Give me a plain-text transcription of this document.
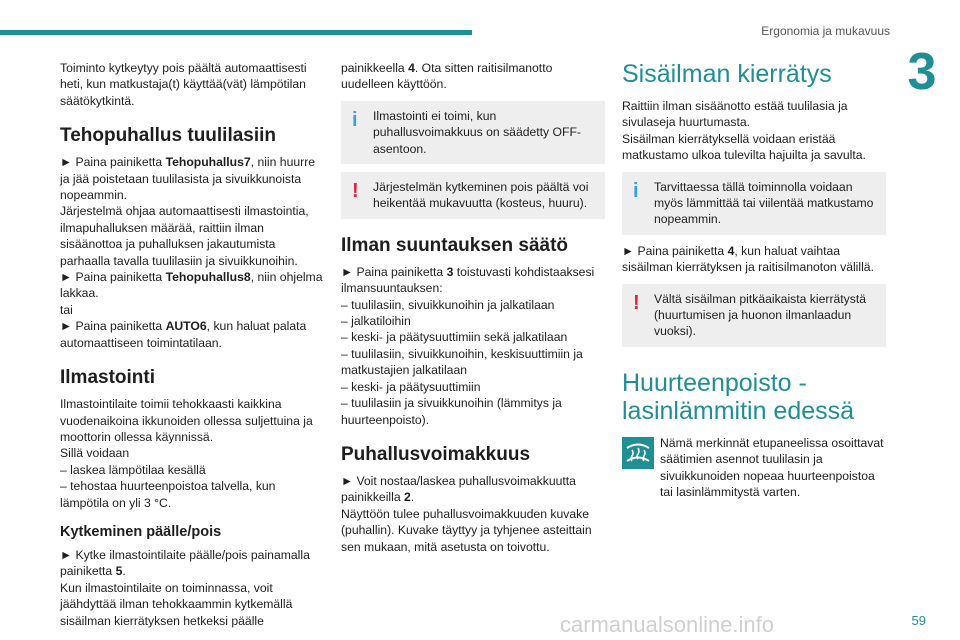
Ergonomia ja mukavuus
3

Toiminto kytkeytyy pois päältä automaattisesti heti, kun matkustaja(t) käyttää(vät) lämpötilan säätökytkintä.

Tehopuhallus tuulilasiin

► Paina painiketta Tehopuhallus7, niin huurre ja jää poistetaan tuulilasista ja sivuikkunoista nopeammin.

Järjestelmä ohjaa automaattisesti ilmastointia, ilmapuhalluksen määrää, raittiin ilman sisäänottoa ja puhalluksen jakautumista parhaalla tavalla tuulilasiin ja sivuikkunoihin.

► Paina painiketta Tehopuhallus8, niin ohjelma lakkaa.

tai

► Paina painiketta AUTO6, kun haluat palata automaattiseen toimintatilaan.

Ilmastointi

Ilmastointilaite toimii tehokkaasti kaikkina vuodenaikoina ikkunoiden ollessa suljettuina ja moottorin ollessa käynnissä.

Sillä voidaan

– laskea lämpötilaa kesällä

– tehostaa huurteenpoistoa talvella, kun lämpötila on yli 3 °C.

Kytkeminen päälle/pois

► Kytke ilmastointilaite päälle/pois painamalla painiketta 5.

Kun ilmastointilaite on toiminnassa, voit jäähdyttää ilman tehokkaammin kytkemällä sisäilman kierrätyksen hetkeksi päälle

painikkeella 4. Ota sitten raitisilmanotto uudelleen käyttöön.

i Ilmastointi ei toimi, kun puhallusvoimakkuus on säädetty OFF-asentoon.
! Järjestelmän kytkeminen pois päältä voi heikentää mukavuutta (kosteus, huuru).
Ilman suuntauksen säätö

► Paina painiketta 3 toistuvasti kohdistaaksesi ilmansuuntauksen:

– tuulilasiin, sivuikkunoihin ja jalkatilaan

– jalkatiloihin

– keski- ja päätysuuttimiin sekä jalkatilaan

– tuulilasiin, sivuikkunoihin, keskisuuttimiin ja matkustajien jalkatilaan

– keski- ja päätysuuttimiin

– tuulilasiin ja sivuikkunoihin (lämmitys ja huurteenpoisto).

Puhallusvoimakkuus

► Voit nostaa/laskea puhallusvoimakkuutta painikkeilla 2.

Näyttöön tulee puhallusvoimakkuuden kuvake (puhallin). Kuvake täyttyy ja tyhjenee asteittain sen mukaan, mitä asetusta on toivottu.

Sisäilman kierrätys

Raittiin ilman sisäänotto estää tuulilasia ja sivulaseja huurtumasta.

Sisäilman kierrätyksellä voidaan eristää matkustamo ulkoa tulevilta hajuilta ja savulta.

i Tarvittaessa tällä toiminnolla voidaan myös lämmittää tai viilentää matkustamo nopeammin.

► Paina painiketta 4, kun haluat vaihtaa sisäilman kierrätyksen ja raitisilmanoton välillä.

! Vältä sisäilman pitkäaikaista kierrätystä (huurtumisen ja huonon ilmanlaadun vuoksi).
Huurteenpoisto - lasinlämmitin edessä
Nämä merkinnät etupaneelissa osoittavat säätimien asennot tuulilasin ja sivuikkunoiden nopeaa huurteenpoistoa tai lasinlämmitystä varten.
carmanualsonline.info	59
